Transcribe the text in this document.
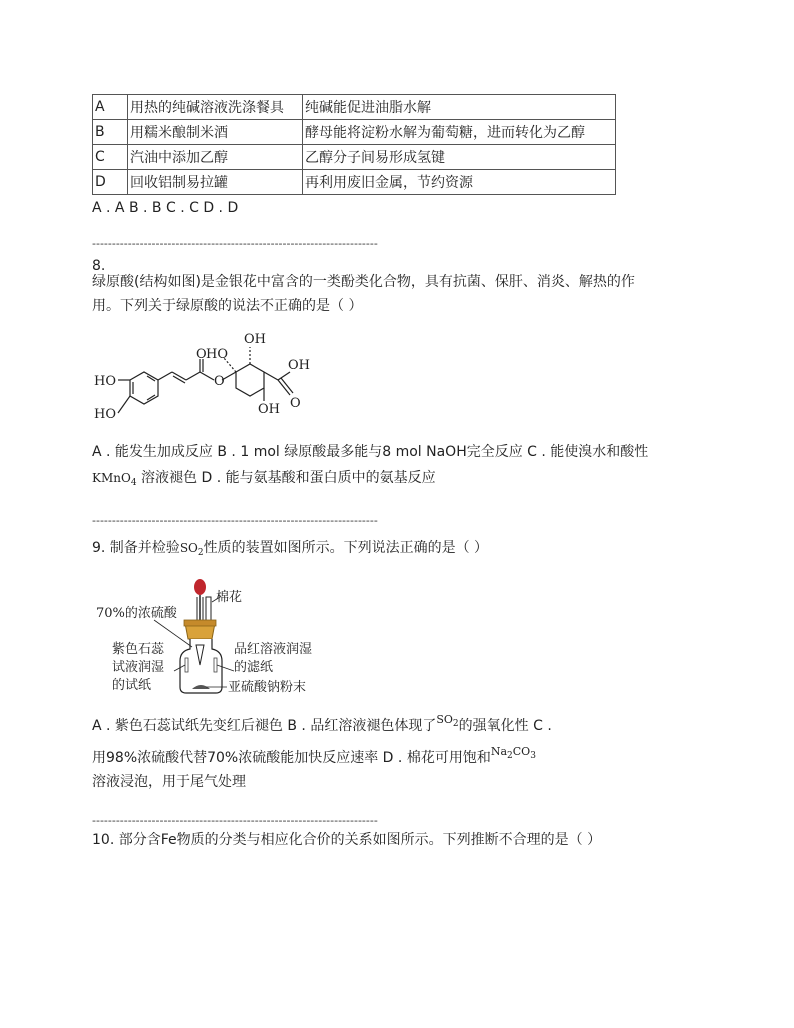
A	用热的纯碱溶液洗涤餐具	纯碱能促进油脂水解
B	用糯米酿制米酒	酵母能将淀粉水解为葡萄糖，进而转化为乙醇
C	汽油中添加乙醇	乙醇分子间易形成氢键
D	回收铝制易拉罐	再利用废旧金属，节约资源
A . A B . B C . C D . D
------------------------------------------------------------------------
8.
绿原酸(结构如图)是金银花中富含的一类酚类化合物，具有抗菌、保肝、消炎、解热的作
用。下列关于绿原酸的说法不正确的是（ ）
HO
HO
O
O
OH
HO
OH
O
OH
A . 能发生加成反应 B . 1 mol 绿原酸最多能与8 mol NaOH完全反应 C . 能使溴水和酸性
KMnO$_4$ 溶液褪色 D . 能与氨基酸和蛋白质中的氨基反应
------------------------------------------------------------------------
9. 制备并检验$SO_2$性质的装置如图所示。下列说法正确的是（ ）
棉花
70%的浓硫酸
紫色石蕊
试液润湿
的试纸
品红溶液润湿
的滤纸
亚硫酸钠粉末
A . 紫色石蕊试纸先变红后褪色 B . 品红溶液褪色体现了$^{SO_2}$的强氧化性 C .
用98%浓硫酸代替70%浓硫酸能加快反应速率 D . 棉花可用饱和$^{Na_2CO_3}$
溶液浸泡，用于尾气处理
------------------------------------------------------------------------
10. 部分含Fe物质的分类与相应化合价的关系如图所示。下列推断不合理的是（ ）
